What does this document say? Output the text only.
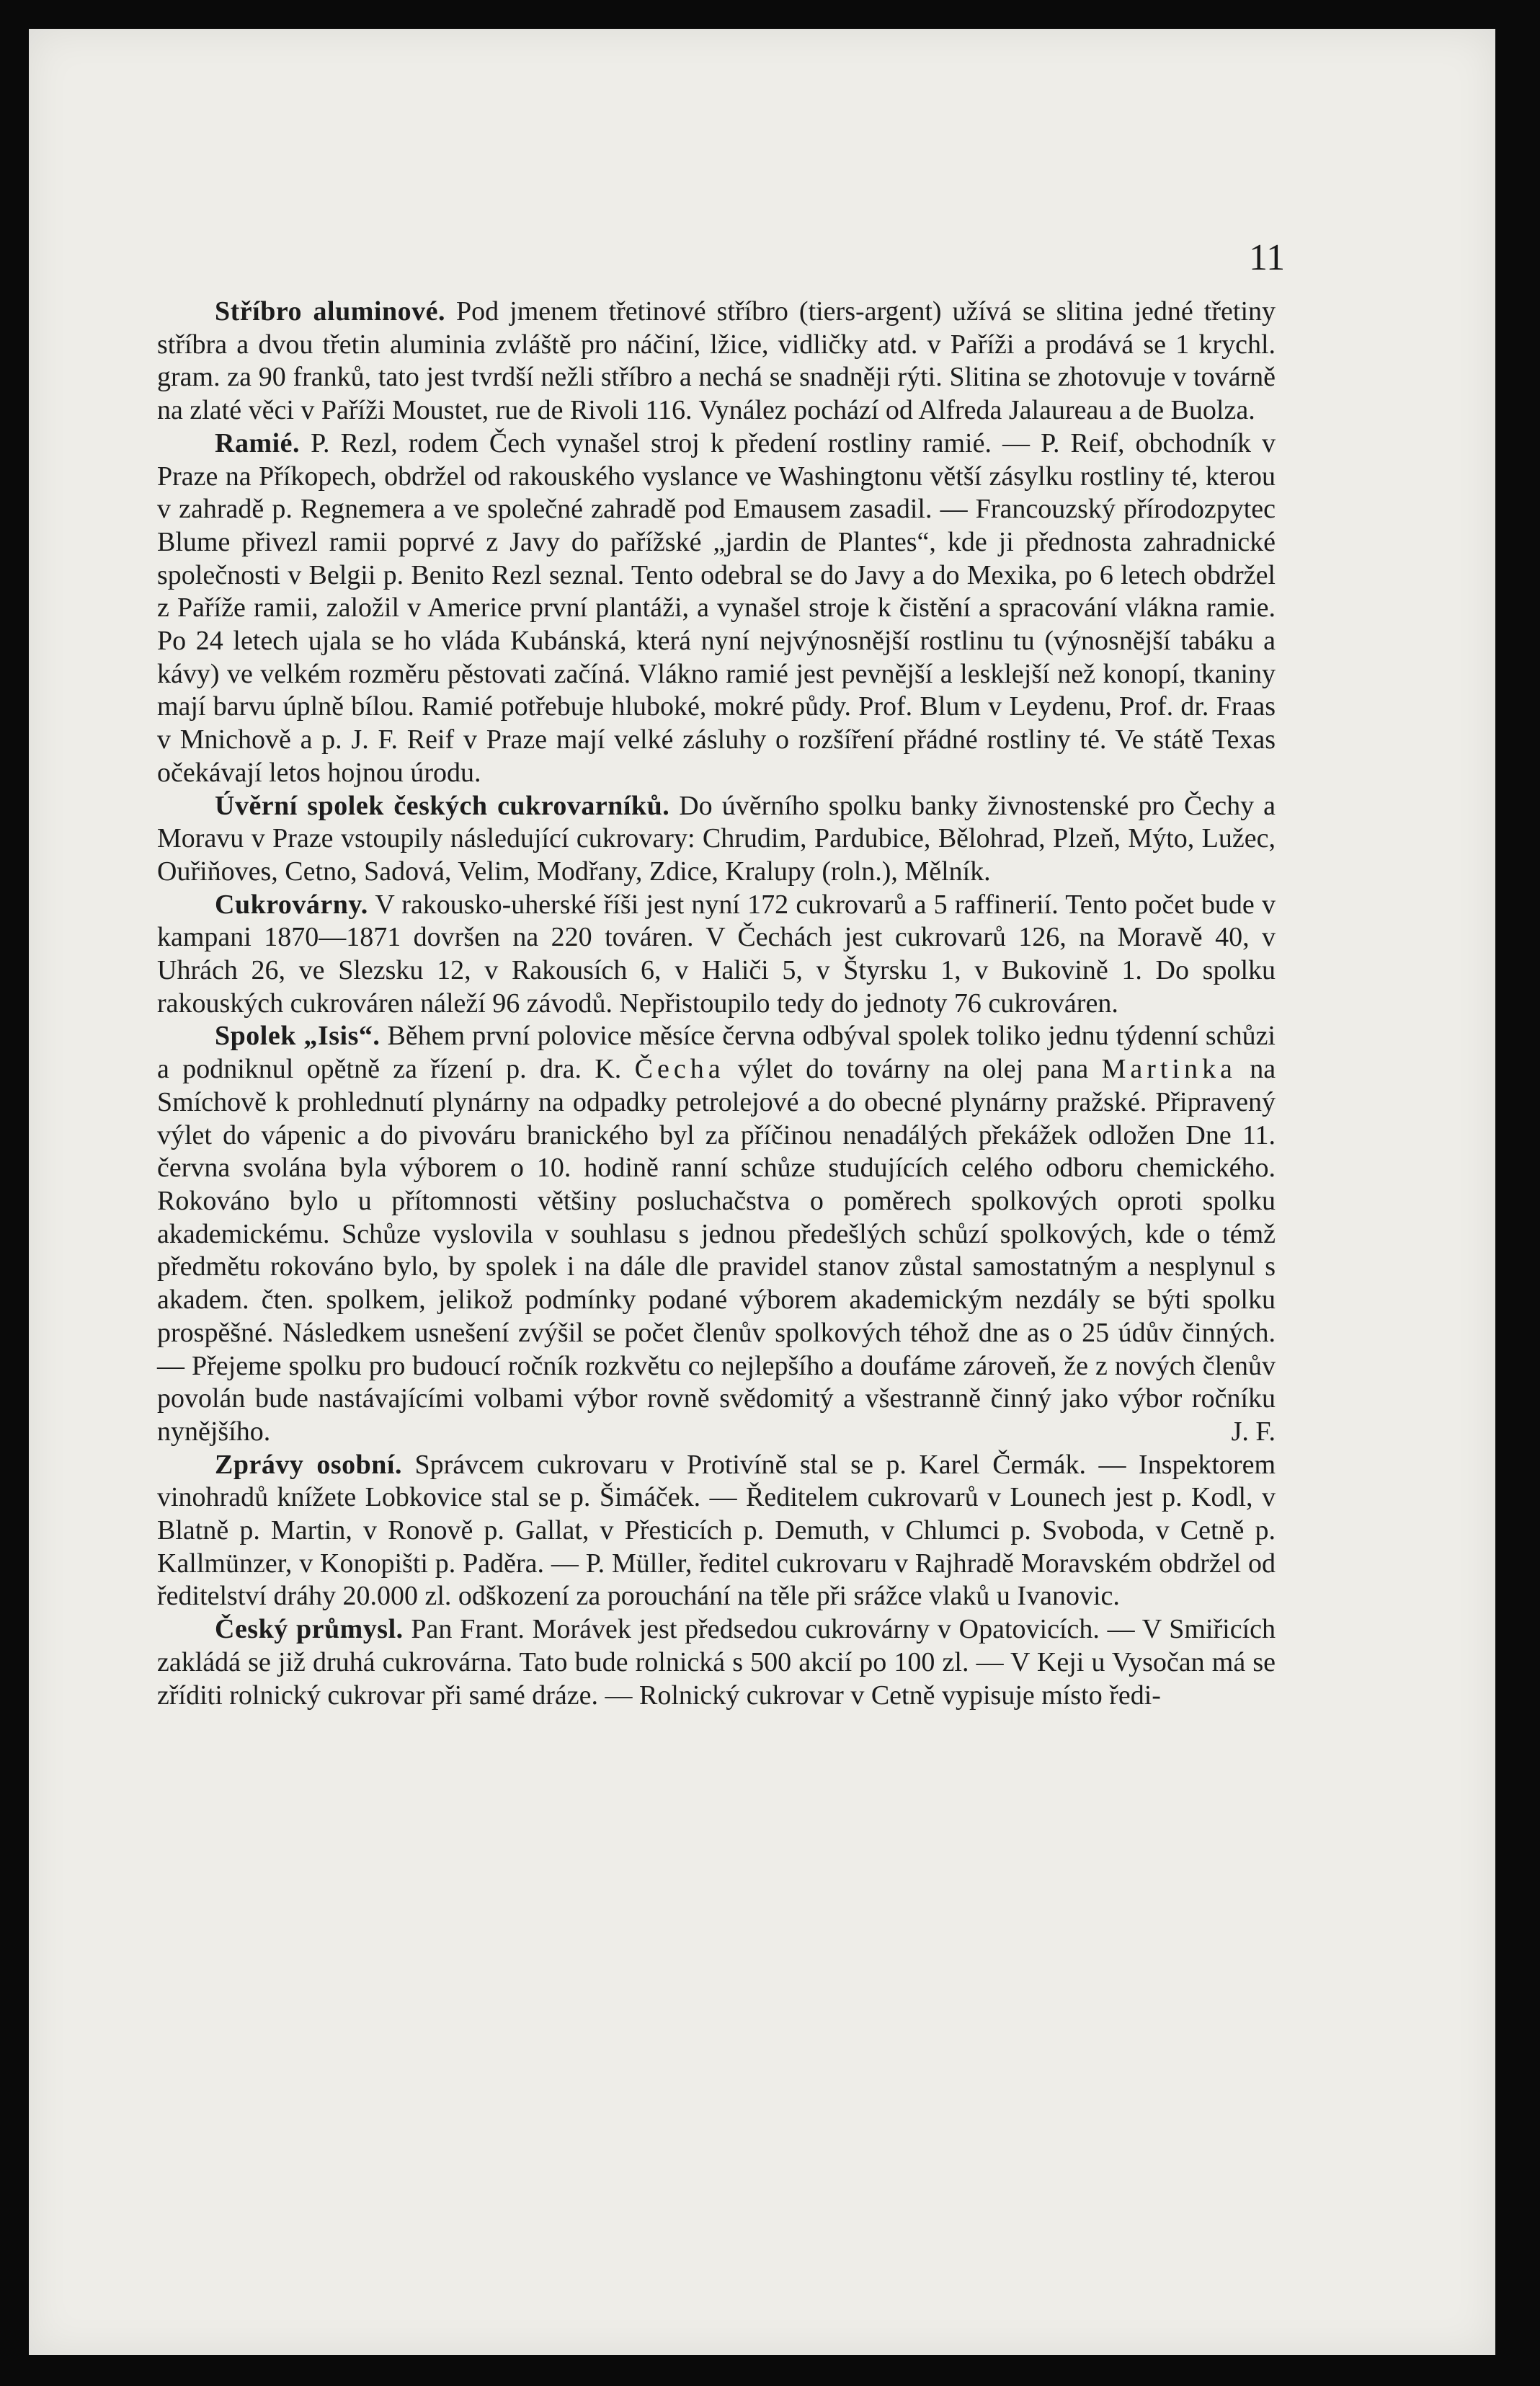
11

Stříbro aluminové. Pod jmenem třetinové stříbro (tiers-argent) užívá se slitina jedné třetiny stříbra a dvou třetin aluminia zvláště pro náčiní, lžice, vidličky atd. v Paříži a prodává se 1 krychl. gram. za 90 franků, tato jest tvrdší nežli stříbro a nechá se snadněji rýti. Slitina se zhotovuje v továrně na zlaté věci v Paříži Moustet, rue de Rivoli 116. Vynález pochází od Alfreda Jalaureau a de Buolza.

Ramié. P. Rezl, rodem Čech vynašel stroj k předení rostliny ramié. — P. Reif, obchodník v Praze na Příkopech, obdržel od rakouského vyslance ve Washingtonu větší zásylku rostliny té, kterou v zahradě p. Regnemera a ve společné zahradě pod Emausem zasadil. — Francouzský přírodozpytec Blume přivezl ramii poprvé z Javy do pařížské „jardin de Plantes“, kde ji přednosta zahradnické společnosti v Belgii p. Benito Rezl seznal. Tento odebral se do Javy a do Mexika, po 6 letech obdržel z Paříže ramii, založil v Americe první plantáži, a vynašel stroje k čistění a spracování vlákna ramie. Po 24 letech ujala se ho vláda Kubánská, která nyní nejvýnosnější rostlinu tu (výnosnější tabáku a kávy) ve velkém rozměru pěstovati začíná. Vlákno ramié jest pevnější a lesklejší než konopí, tkaniny mají barvu úplně bílou. Ramié potřebuje hluboké, mokré půdy. Prof. Blum v Leydenu, Prof. dr. Fraas v Mnichově a p. J. F. Reif v Praze mají velké zásluhy o rozšíření přádné rostliny té. Ve státě Texas očekávají letos hojnou úrodu.

Úvěrní spolek českých cukrovarníků. Do úvěrního spolku banky živnostenské pro Čechy a Moravu v Praze vstoupily následující cukrovary: Chrudim, Pardubice, Bělohrad, Plzeň, Mýto, Lužec, Ouřiňoves, Cetno, Sadová, Velim, Modřany, Zdice, Kralupy (roln.), Mělník.

Cukrovárny. V rakousko-uherské říši jest nyní 172 cukrovarů a 5 raffinerií. Tento počet bude v kampani 1870—1871 dovršen na 220 továren. V Čechách jest cukrovarů 126, na Moravě 40, v Uhrách 26, ve Slezsku 12, v Rakousích 6, v Haliči 5, v Štyrsku 1, v Bukovině 1. Do spolku rakouských cukrováren náleží 96 závodů. Nepřistoupilo tedy do jednoty 76 cukrováren.

Spolek „Isis“. Během první polovice měsíce června odbýval spolek toliko jednu týdenní schůzi a podniknul opětně za řízení p. dra. K. Čecha výlet do továrny na olej pana Martinka na Smíchově k prohlednutí plynárny na odpadky petrolejové a do obecné plynárny pražské. Připravený výlet do vápenic a do pivováru branického byl za příčinou nenadálých překážek odložen Dne 11. června svolána byla výborem o 10. hodině ranní schůze studujících celého odboru chemického. Rokováno bylo u přítomnosti většiny posluchačstva o poměrech spolkových oproti spolku akademickému. Schůze vyslovila v souhlasu s jednou předešlých schůzí spolkových, kde o témž předmětu rokováno bylo, by spolek i na dále dle pravidel stanov zůstal samostatným a nesplynul s akadem. čten. spolkem, jelikož podmínky podané výborem akademickým nezdály se býti spolku prospěšné. Následkem usnešení zvýšil se počet členův spolkových téhož dne as o 25 údův činných. — Přejeme spolku pro budoucí ročník rozkvětu co nejlepšího a doufáme zároveň, že z nových členův povolán bude nastávajícími volbami výbor rovně svědomitý a všestranně činný jako výbor ročníku nynějšího.	J. F.

Zprávy osobní. Správcem cukrovaru v Protivíně stal se p. Karel Čermák. — Inspektorem vinohradů knížete Lobkovice stal se p. Šimáček. — Ředitelem cukrovarů v Lounech jest p. Kodl, v Blatně p. Martin, v Ronově p. Gallat, v Přesticích p. Demuth, v Chlumci p. Svoboda, v Cetně p. Kallmünzer, v Konopišti p. Paděra. — P. Müller, ředitel cukrovaru v Rajhradě Moravském obdržel od ředitelství dráhy 20.000 zl. odškození za porouchání na těle při srážce vlaků u Ivanovic.

Český průmysl. Pan Frant. Morávek jest předsedou cukrovárny v Opatovicích. — V Smiřicích zakládá se již druhá cukrovárna. Tato bude rolnická s 500 akcií po 100 zl. — V Keji u Vysočan má se zříditi rolnický cukrovar při samé dráze. — Rolnický cukrovar v Cetně vypisuje místo ředi-
